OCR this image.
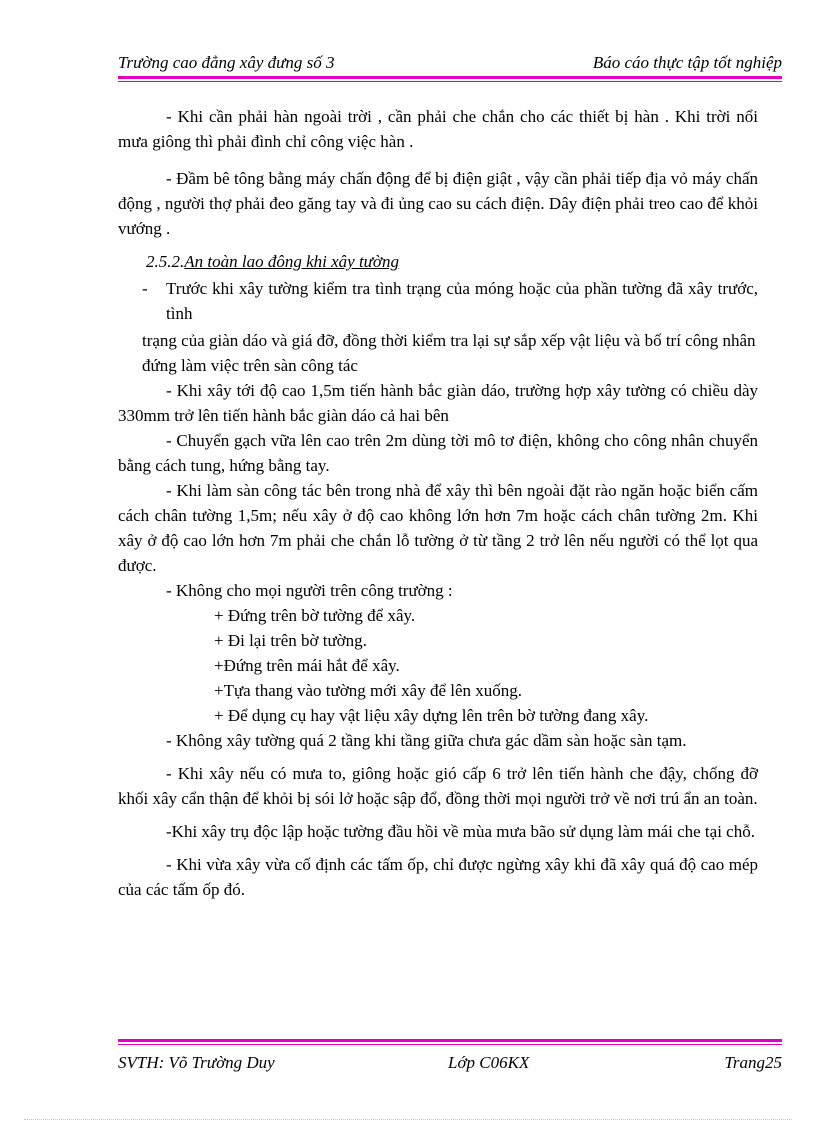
Trường cao đẳng xây đưng số 3	Báo cáo thực tập tốt nghiệp

- Khi cần phải hàn ngoài trời , cần phải che chắn cho các thiết bị hàn . Khi trời nổi mưa giông thì phải đình chỉ công việc hàn .

- Đầm bê tông bằng máy chấn động để bị điện giật , vậy cần phải tiếp địa vỏ máy chấn động , người thợ phải đeo găng tay và đi ủng cao su cách điện. Dây điện phải treo cao để khỏi vướng .

2.5.2.An toàn lao đông khi xây tường
- Trước khi xây tường kiểm tra tình trạng của móng hoặc của phần tường đã xây trước, tình

trạng của giàn dáo và giá đỡ, đồng thời kiểm tra lại sự sắp xếp vật liệu và bố trí công nhân

đứng làm việc trên sàn công tác

- Khi xây tới độ cao 1,5m tiến hành bắc giàn dáo, trường hợp xây tường có chiều dày 330mm trở lên tiến hành bắc giàn dáo cả hai bên

- Chuyển gạch vữa lên cao trên 2m dùng tời mô tơ điện, không cho công nhân chuyển bằng cách tung, hứng bằng tay.

- Khi làm sàn công tác bên trong nhà để xây thì bên ngoài đặt rào ngăn hoặc biển cấm cách chân tường 1,5m; nếu xây ở độ cao không lớn hơn 7m hoặc cách chân tường 2m. Khi xây ở độ cao lớn hơn 7m phải che chắn lỗ tường ở từ tầng 2 trở lên nếu người có thể lọt qua được.

- Không cho mọi người trên công trường :

+ Đứng trên bờ tường để xây.

+ Đi lại trên bờ tường.

+Đứng trên mái hắt để xây.

+Tựa thang vào tường mới xây để lên xuống.

+ Để dụng cụ hay vật liệu xây dựng lên trên bờ tường đang xây.

- Không xây tường quá 2 tầng khi tầng giữa chưa gác dầm sàn hoặc sàn tạm.

- Khi xây nếu có mưa to, giông hoặc gió cấp 6 trở lên tiến hành che đậy, chống đỡ khối xây cẩn thận để khỏi bị sói lở hoặc sập đổ, đồng thời mọi người trở về nơi trú ẩn an toàn.

-Khi xây trụ độc lập hoặc tường đầu hồi về mùa mưa bão sử dụng làm mái che tại chỗ.

- Khi vừa xây vừa cố định các tấm ốp, chỉ được ngừng xây khi đã xây quá độ cao mép của các tấm ốp đó.

SVTH: Võ Trường Duy	Lớp C06KX	Trang25
